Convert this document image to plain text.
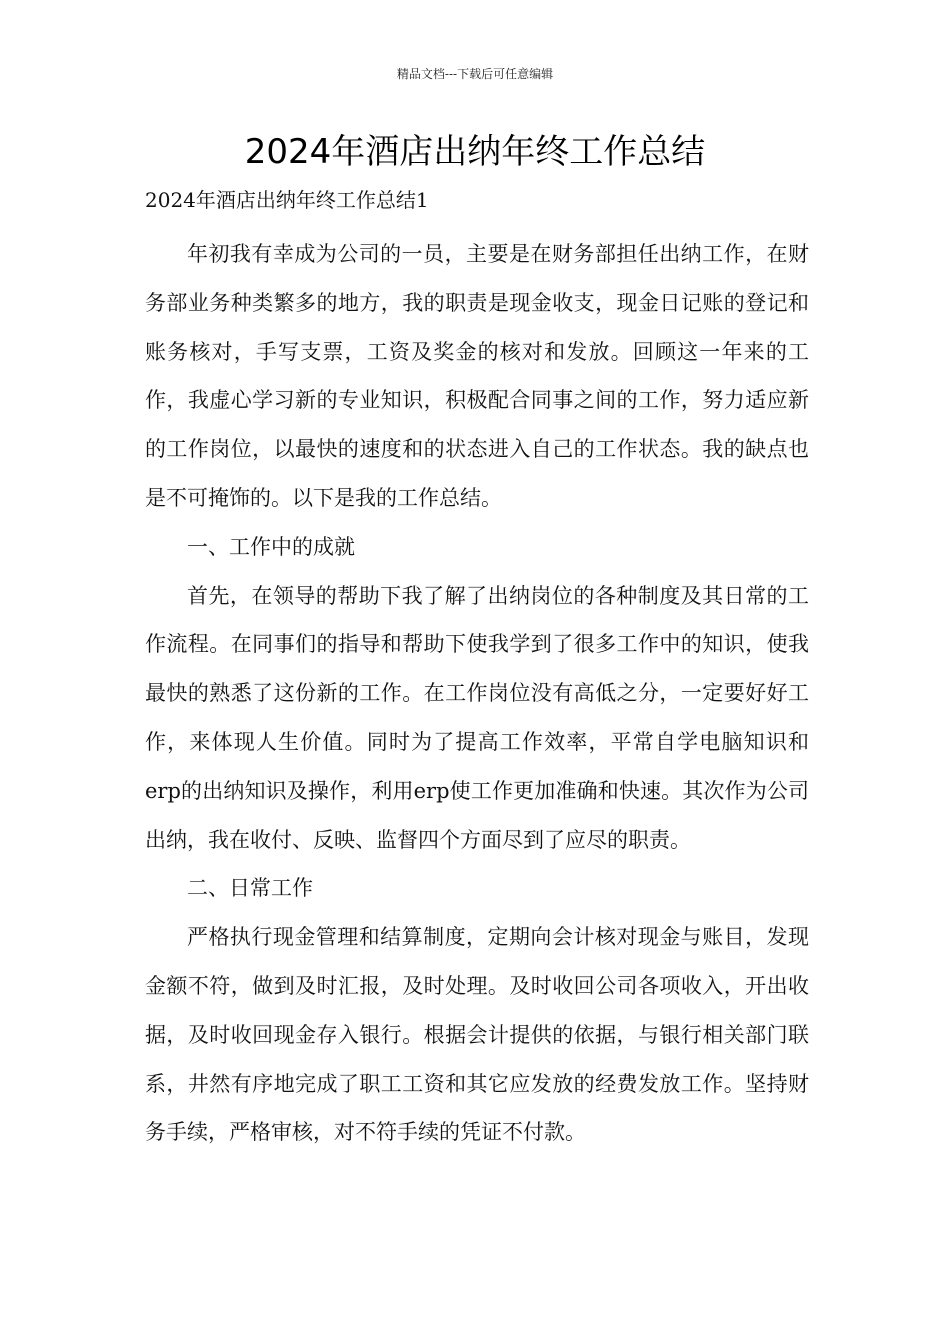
精品文档---下载后可任意编辑
2024年酒店出纳年终工作总结

2024年酒店出纳年终工作总结1

年初我有幸成为公司的一员，主要是在财务部担任出纳工作，在财务部业务种类繁多的地方，我的职责是现金收支，现金日记账的登记和账务核对，手写支票，工资及奖金的核对和发放。回顾这一年来的工作，我虚心学习新的专业知识，积极配合同事之间的工作，努力适应新的工作岗位，以最快的速度和的状态进入自己的工作状态。我的缺点也是不可掩饰的。以下是我的工作总结。

一、工作中的成就

首先，在领导的帮助下我了解了出纳岗位的各种制度及其日常的工作流程。在同事们的指导和帮助下使我学到了很多工作中的知识，使我最快的熟悉了这份新的工作。在工作岗位没有高低之分，一定要好好工作，来体现人生价值。同时为了提高工作效率，平常自学电脑知识和erp的出纳知识及操作，利用erp使工作更加准确和快速。其次作为公司出纳，我在收付、反映、监督四个方面尽到了应尽的职责。

二、日常工作

严格执行现金管理和结算制度，定期向会计核对现金与账目，发现金额不符，做到及时汇报，及时处理。及时收回公司各项收入，开出收据，及时收回现金存入银行。根据会计提供的依据，与银行相关部门联系，井然有序地完成了职工工资和其它应发放的经费发放工作。坚持财务手续，严格审核，对不符手续的凭证不付款。
